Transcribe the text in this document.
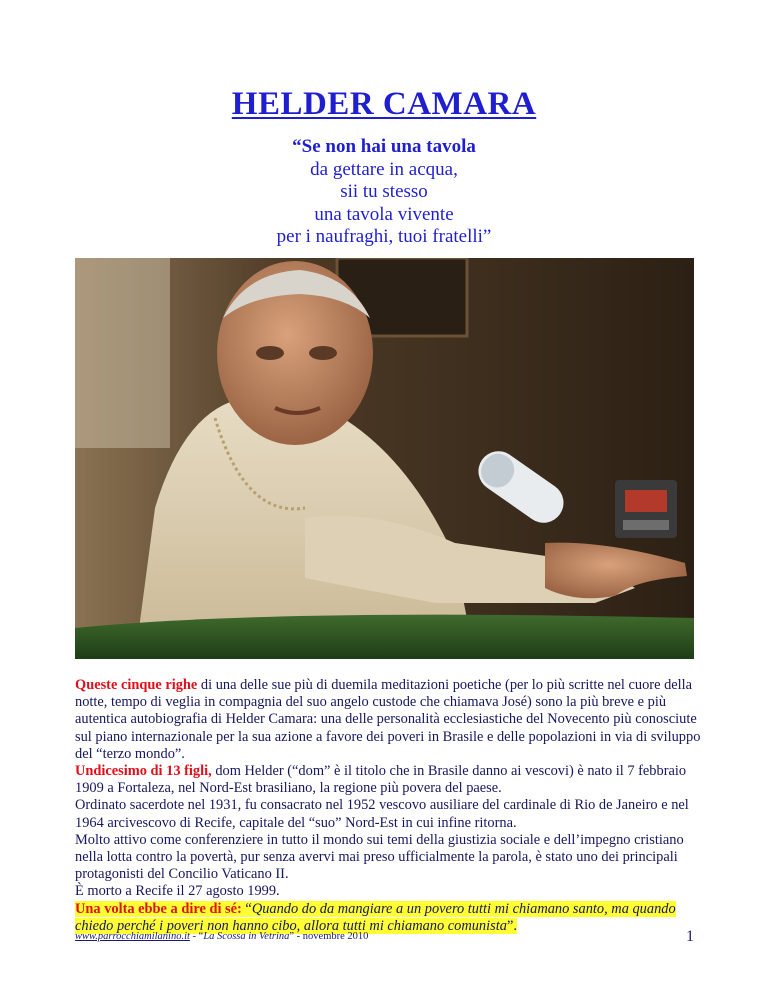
HELDER CAMARA
“Se non hai una tavola
da gettare in acqua,
sii tu stesso
una tavola vivente
per i naufraghi, tuoi fratelli”

Queste cinque righe di una delle sue più di duemila meditazioni poetiche (per lo più scritte nel cuore della notte, tempo di veglia in compagnia del suo angelo custode che chiamava José) sono la più breve e più autentica autobiografia di Helder Camara: una delle personalità ecclesiastiche del Novecento più conosciute sul piano internazionale per la sua azione a favore dei poveri in Brasile e delle popolazioni in via di sviluppo del “terzo mondo”.

Undicesimo di 13 figli, dom Helder (“dom” è il titolo che in Brasile danno ai vescovi) è nato il 7 febbraio 1909 a Fortaleza, nel Nord-Est brasiliano, la regione più povera del paese.

Ordinato sacerdote nel 1931, fu consacrato nel 1952 vescovo ausiliare del cardinale di Rio de Janeiro e nel 1964 arcivescovo di Recife, capitale del “suo” Nord-Est in cui infine ritorna.

Molto attivo come conferenziere in tutto il mondo sui temi della giustizia sociale e dell’impegno cristiano nella lotta contro la povertà, pur senza avervi mai preso ufficialmente la parola, è stato uno dei principali protagonisti del Concilio Vaticano II.

È morto a Recife il 27 agosto 1999.

Una volta ebbe a dire di sé: “Quando do da mangiare a un povero tutti mi chiamano santo, ma quando chiedo perché i poveri non hanno cibo, allora tutti mi chiamano comunista”.

www.parrocchiamilanino.it - “La Scossa in Vetrina” - novembre 2010	1
